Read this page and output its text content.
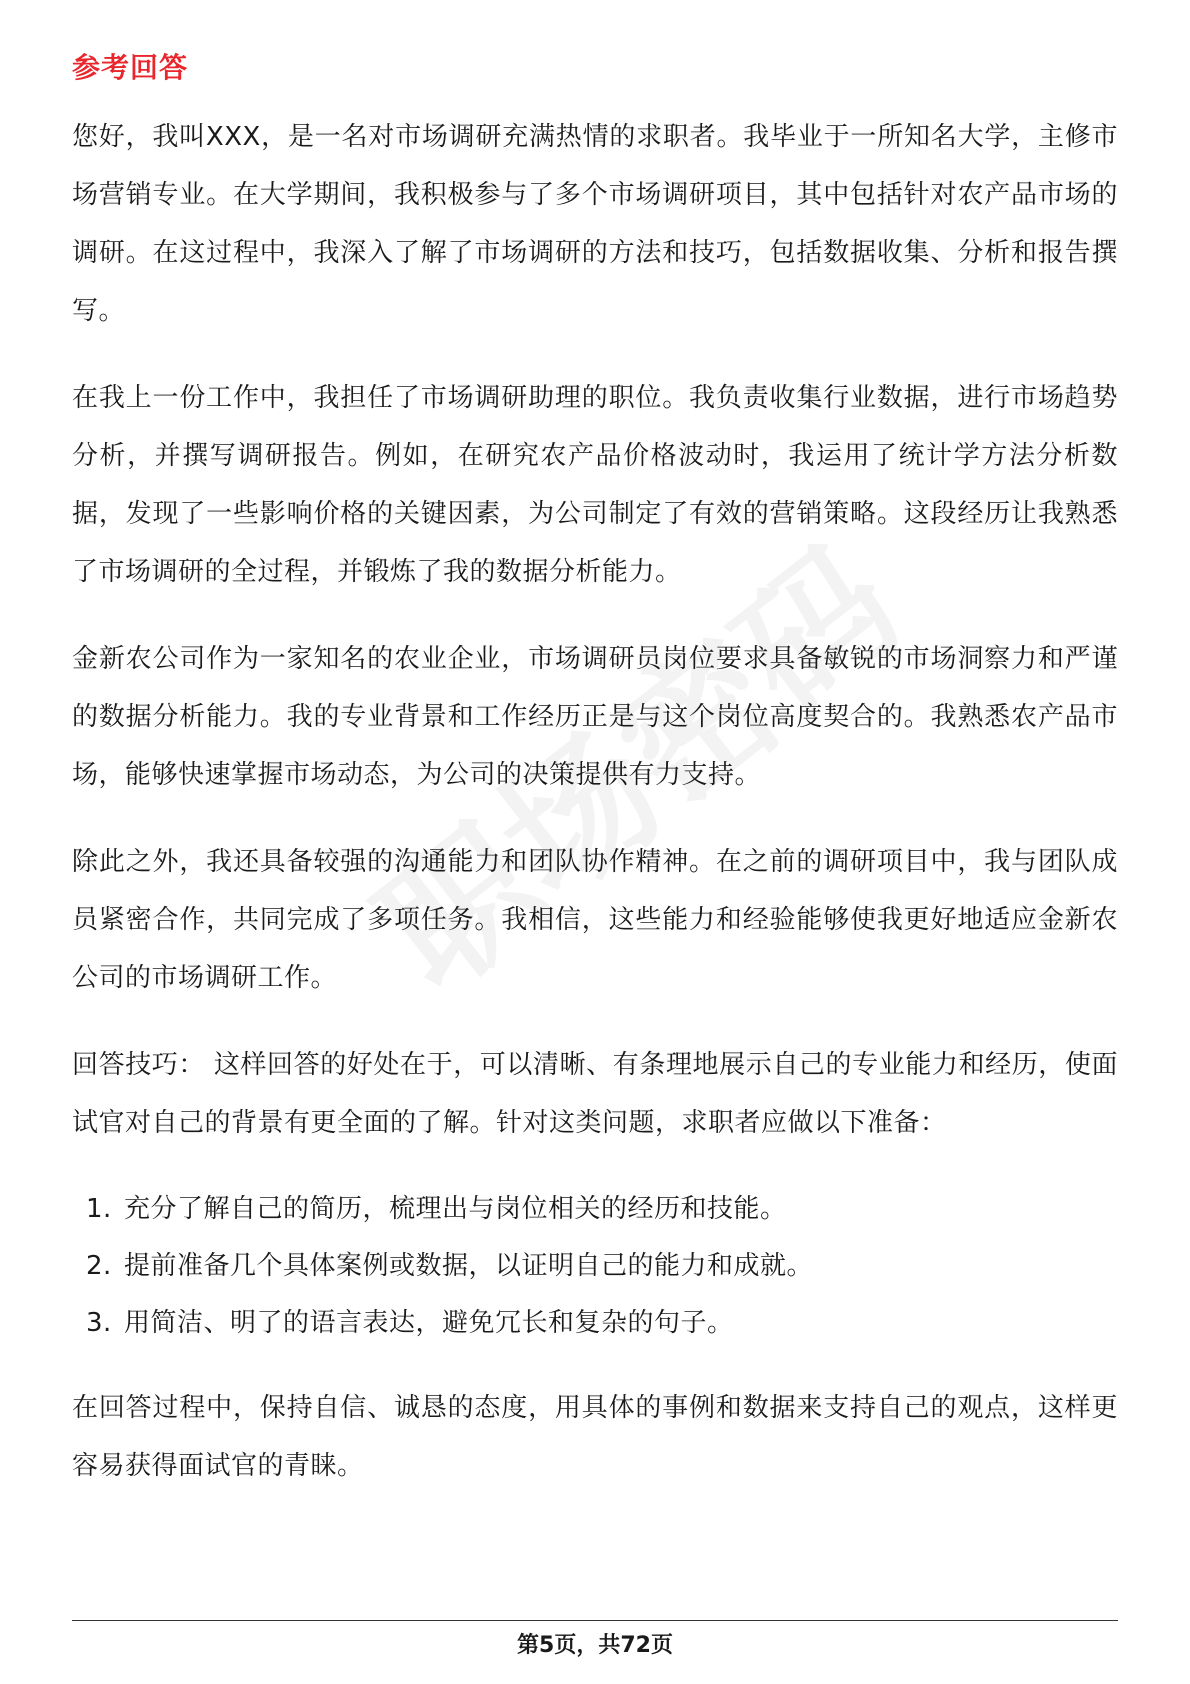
参考回答

您好，我叫XXX，是一名对市场调研充满热情的求职者。我毕业于一所知名大学，主修市场营销专业。在大学期间，我积极参与了多个市场调研项目，其中包括针对农产品市场的调研。在这过程中，我深入了解了市场调研的方法和技巧，包括数据收集、分析和报告撰写。

在我上一份工作中，我担任了市场调研助理的职位。我负责收集行业数据，进行市场趋势分析，并撰写调研报告。例如，在研究农产品价格波动时，我运用了统计学方法分析数据，发现了一些影响价格的关键因素，为公司制定了有效的营销策略。这段经历让我熟悉了市场调研的全过程，并锻炼了我的数据分析能力。

金新农公司作为一家知名的农业企业，市场调研员岗位要求具备敏锐的市场洞察力和严谨的数据分析能力。我的专业背景和工作经历正是与这个岗位高度契合的。我熟悉农产品市场，能够快速掌握市场动态，为公司的决策提供有力支持。

除此之外，我还具备较强的沟通能力和团队协作精神。在之前的调研项目中，我与团队成员紧密合作，共同完成了多项任务。我相信，这些能力和经验能够使我更好地适应金新农公司的市场调研工作。

回答技巧： 这样回答的好处在于，可以清晰、有条理地展示自己的专业能力和经历，使面试官对自己的背景有更全面的了解。针对这类问题，求职者应做以下准备：

1. 充分了解自己的简历，梳理出与岗位相关的经历和技能。
2. 提前准备几个具体案例或数据，以证明自己的能力和成就。
3. 用简洁、明了的语言表达，避免冗长和复杂的句子。

在回答过程中，保持自信、诚恳的态度，用具体的事例和数据来支持自己的观点，这样更容易获得面试官的青睐。

第5页，共72页
